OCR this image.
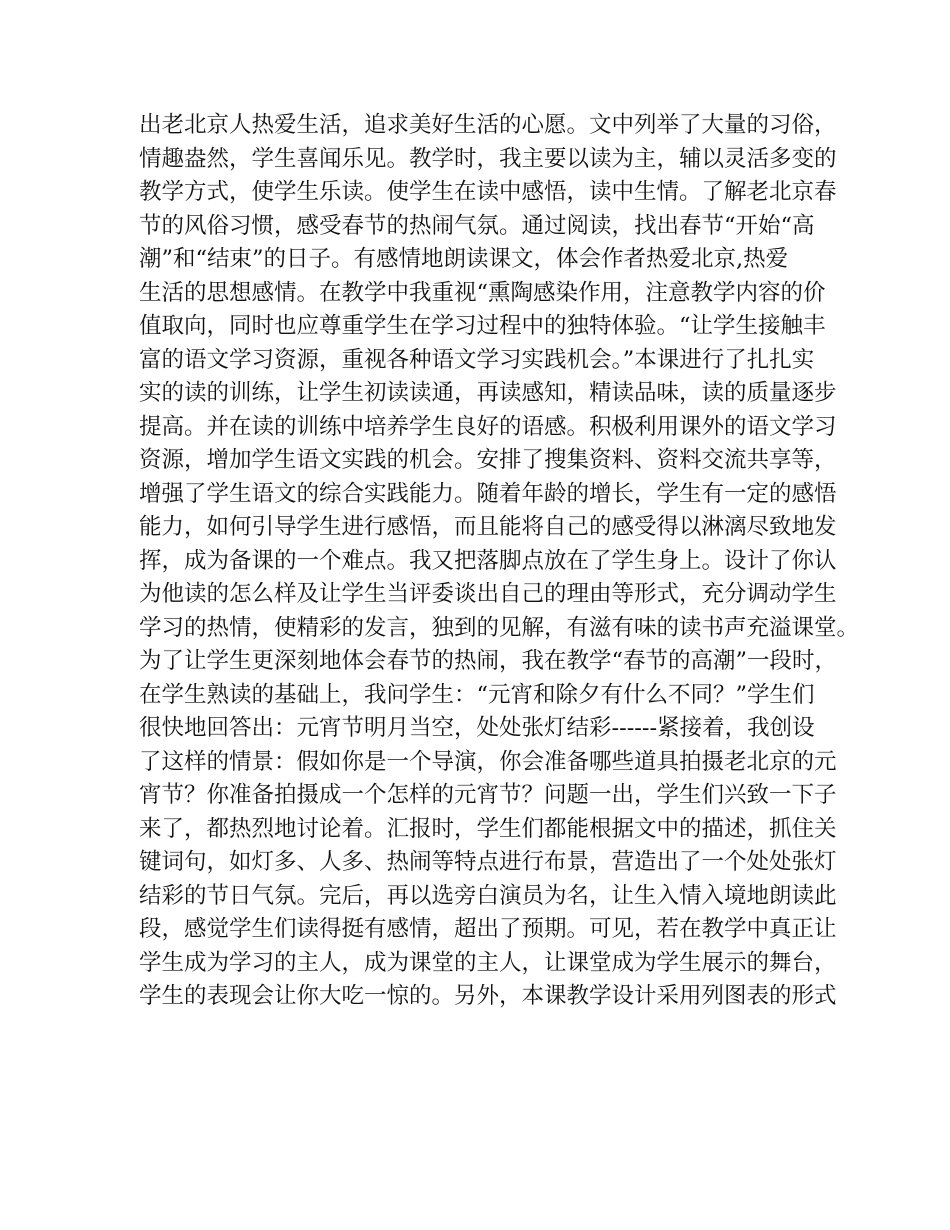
出老北京人热爱生活，追求美好生活的心愿。文中列举了大量的习俗，
情趣盎然，学生喜闻乐见。教学时，我主要以读为主，辅以灵活多变的
教学方式，使学生乐读。使学生在读中感悟，读中生情。了解老北京春
节的风俗习惯，感受春节的热闹气氛。通过阅读，找出春节“开始“高
潮”和“结束”的日子。有感情地朗读课文，体会作者热爱北京,热爱
生活的思想感情。在教学中我重视“熏陶感染作用，注意教学内容的价
值取向，同时也应尊重学生在学习过程中的独特体验。“让学生接触丰
富的语文学习资源，重视各种语文学习实践机会。”本课进行了扎扎实
实的读的训练，让学生初读读通，再读感知，精读品味，读的质量逐步
提高。并在读的训练中培养学生良好的语感。积极利用课外的语文学习
资源，增加学生语文实践的机会。安排了搜集资料、资料交流共享等，
增强了学生语文的综合实践能力。随着年龄的增长，学生有一定的感悟
能力，如何引导学生进行感悟，而且能将自己的感受得以淋漓尽致地发
挥，成为备课的一个难点。我又把落脚点放在了学生身上。设计了你认
为他读的怎么样及让学生当评委谈出自己的理由等形式，充分调动学生
学习的热情，使精彩的发言，独到的见解，有滋有味的读书声充溢课堂。
为了让学生更深刻地体会春节的热闹，我在教学“春节的高潮”一段时，
在学生熟读的基础上，我问学生：“元宵和除夕有什么不同？”学生们
很快地回答出：元宵节明月当空，处处张灯结彩------紧接着，我创设
了这样的情景：假如你是一个导演，你会准备哪些道具拍摄老北京的元
宵节？你准备拍摄成一个怎样的元宵节？问题一出，学生们兴致一下子
来了，都热烈地讨论着。汇报时，学生们都能根据文中的描述，抓住关
键词句，如灯多、人多、热闹等特点进行布景，营造出了一个处处张灯
结彩的节日气氛。完后，再以选旁白演员为名，让生入情入境地朗读此
段，感觉学生们读得挺有感情，超出了预期。可见，若在教学中真正让
学生成为学习的主人，成为课堂的主人，让课堂成为学生展示的舞台，
学生的表现会让你大吃一惊的。另外，本课教学设计采用列图表的形式
